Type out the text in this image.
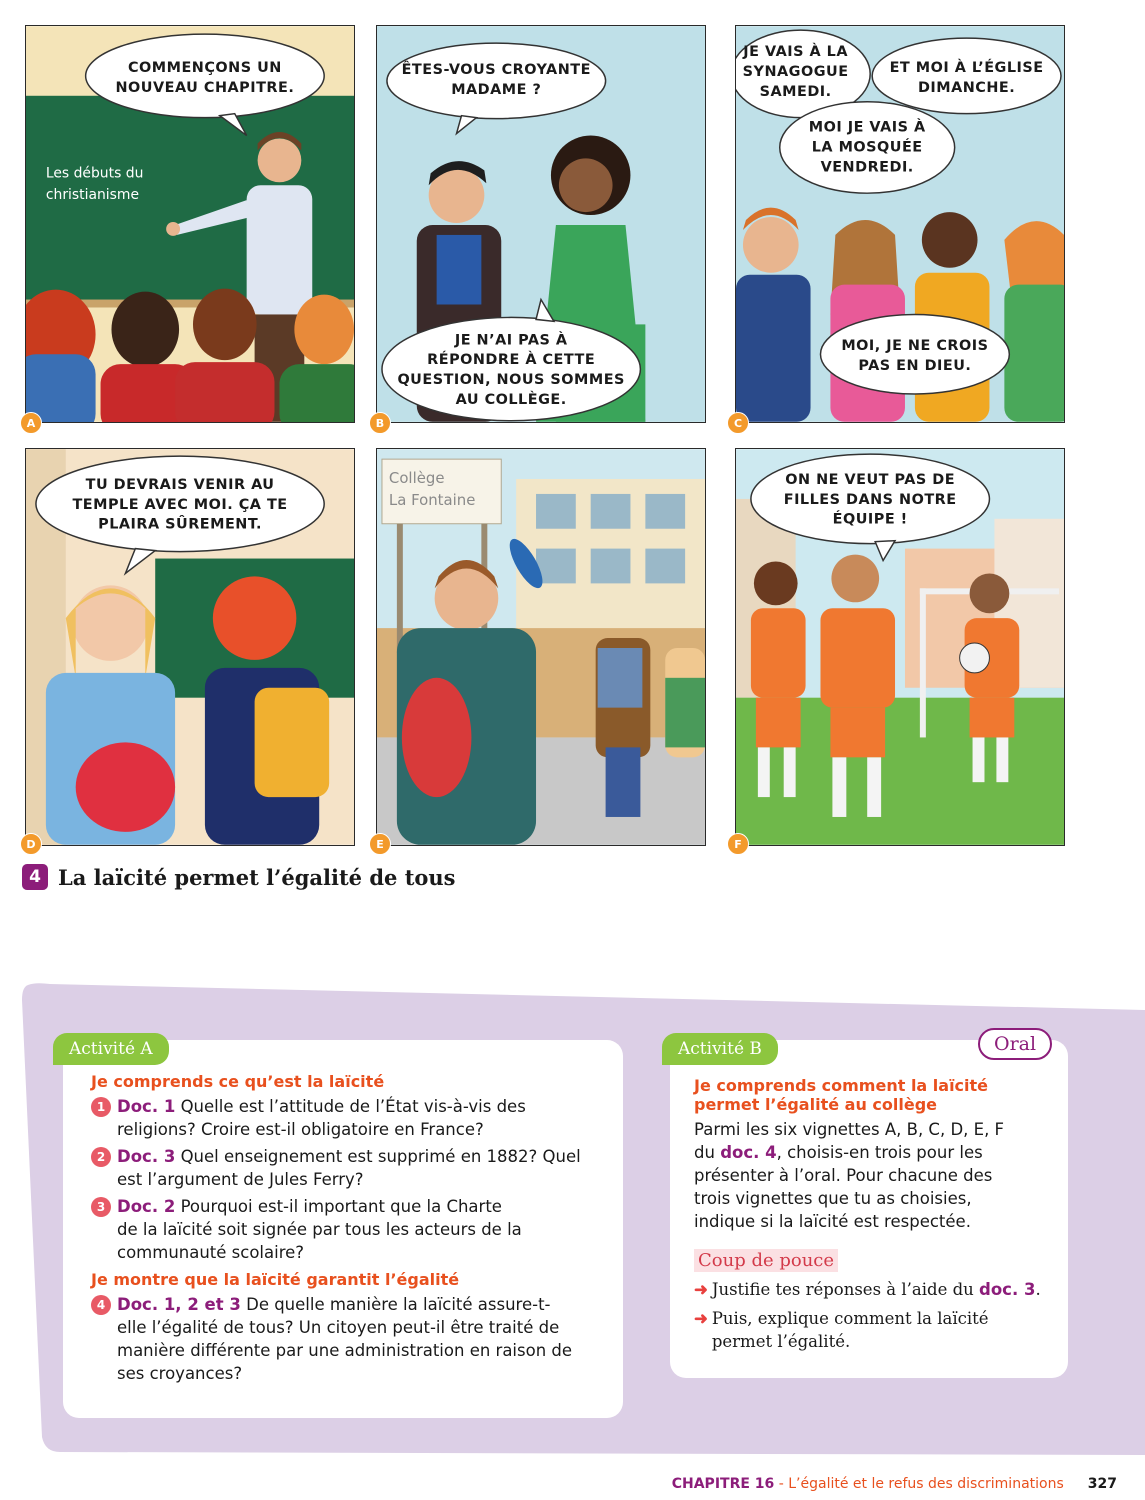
COMMENÇONS UN
NOUVEAU CHAPITRE.
Les débuts du
christianisme
A
ÊTES-VOUS CROYANTE
MADAME ?
JE N’AI PAS À
RÉPONDRE À CETTE
QUESTION, NOUS SOMMES
AU COLLÈGE.
B
JE VAIS À LA
SYNAGOGUE
SAMEDI.
ET MOI À L’ÉGLISE
DIMANCHE.
MOI JE VAIS À
LA MOSQUÉE
VENDREDI.
MOI, JE NE CROIS
PAS EN DIEU.
C
TU DEVRAIS VENIR AU
TEMPLE AVEC MOI. ÇA TE
PLAIRA SÛREMENT.
D
Collège
La Fontaine
E
ON NE VEUT PAS DE
FILLES DANS NOTRE
ÉQUIPE !
F
4 La laïcité permet l’égalité de tous
Je comprends ce qu’est la laïcité
1 Doc. 1 Quelle est l’attitude de l’État vis-à-vis des
religions? Croire est-il obligatoire en France?
2 Doc. 3 Quel enseignement est supprimé en 1882? Quel
est l’argument de Jules Ferry?
3 Doc. 2 Pourquoi est-il important que la Charte
de la laïcité soit signée par tous les acteurs de la
communauté scolaire?
Je montre que la laïcité garantit l’égalité
4 Doc. 1, 2 et 3 De quelle manière la laïcité assure-t-
elle l’égalité de tous? Un citoyen peut-il être traité de
manière différente par une administration en raison de
ses croyances?
Activité A
Je comprends comment la laïcité
permet l’égalité au collège
Parmi les six vignettes A, B, C, D, E, F
du doc. 4, choisis-en trois pour les
présenter à l’oral. Pour chacune des
trois vignettes que tu as choisies,
indique si la laïcité est respectée.
Coup de pouce
➜ Justifie tes réponses à l’aide du doc. 3.
➜ Puis, explique comment la laïcité
permet l’égalité.
Activité B	Oral
CHAPITRE 16 - L’égalité et le refus des discriminations 327
